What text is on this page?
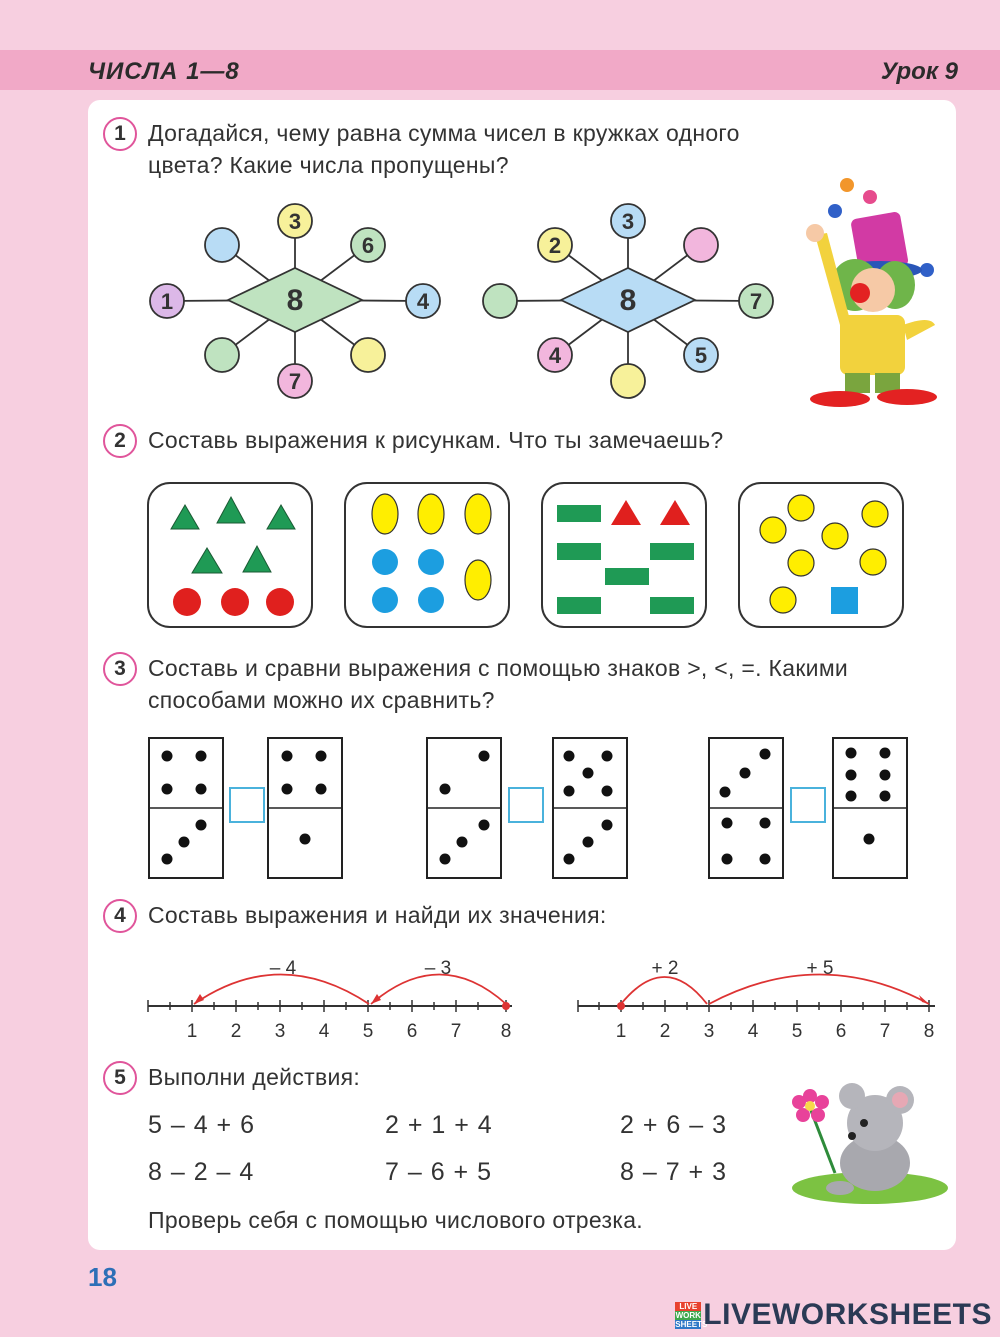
ЧИСЛА 1—8	Урок 9
1 Догадайся, чему равна сумма чисел в кружках одного
цвета? Какие числа пропущены?
8
3
6
1	4
7
8
3
2
7
4	5
2 Составь выражения к рисункам. Что ты замечаешь?
3 Составь и сравни выражения с помощью знаков >, <, =. Какими
способами можно их сравнить?
4 Составь выражения и найди их значения:
– 4	– 3
1 2 3 4 5 6 7 8
+ 2	+ 5
1 2 3 4 5 6 7 8
5 Выполни действия:
5 – 4 + 6	2 + 1 + 4	2 + 6 – 3
8 – 2 – 4	7 – 6 + 5	8 – 7 + 3
Проверь себя с помощью числового отрезка.
18
LIVE
WORK
SHEETS
LIVEWORKSHEETS
